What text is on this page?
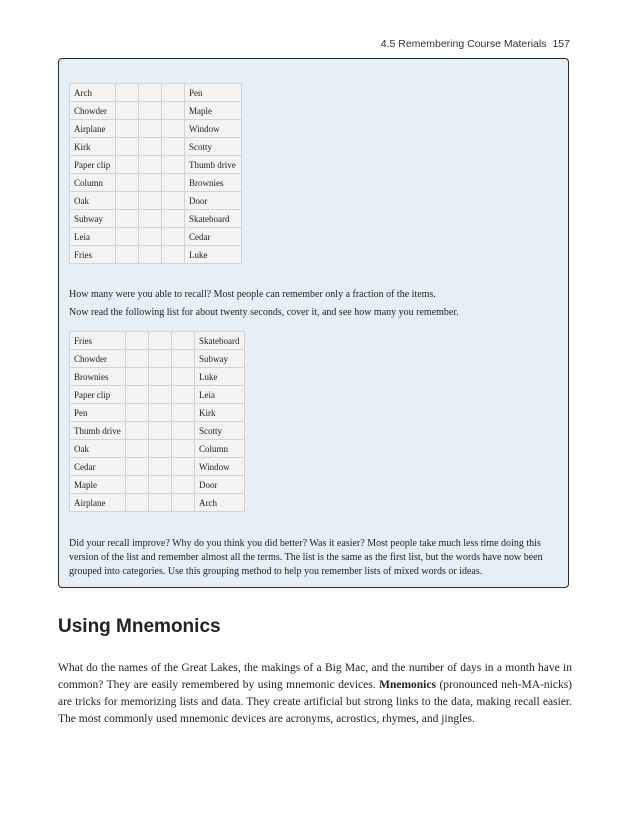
4.5 Remembering Course Materials 157
Arch				Pen
Chowder				Maple
Airplane				Window
Kirk				Scotty
Paper clip				Thumb drive
Column				Brownies
Oak				Door
Subway				Skateboard
Leia				Cedar
Fries				Luke

How many were you able to recall? Most people can remember only a fraction of the items.

Now read the following list for about twenty seconds, cover it, and see how many you remember.

Fries				Skateboard
Chowder				Subway
Brownies				Luke
Paper clip				Leia
Pen				Kirk
Thumb drive				Scotty
Oak				Column
Cedar				Window
Maple				Door
Airplane				Arch

Did your recall improve? Why do you think you did better? Was it easier? Most people take much less time doing this version of the list and remember almost all the terms. The list is the same as the first list, but the words have now been grouped into categories. Use this grouping method to help you remember lists of mixed words or ideas.

Using Mnemonics

What do the names of the Great Lakes, the makings of a Big Mac, and the number of days in a month have in common? They are easily remembered by using mnemonic devices. Mnemonics (pronounced neh-MA-nicks) are tricks for memorizing lists and data. They create artificial but strong links to the data, making recall easier. The most commonly used mnemonic devices are acronyms, acrostics, rhymes, and jingles.
